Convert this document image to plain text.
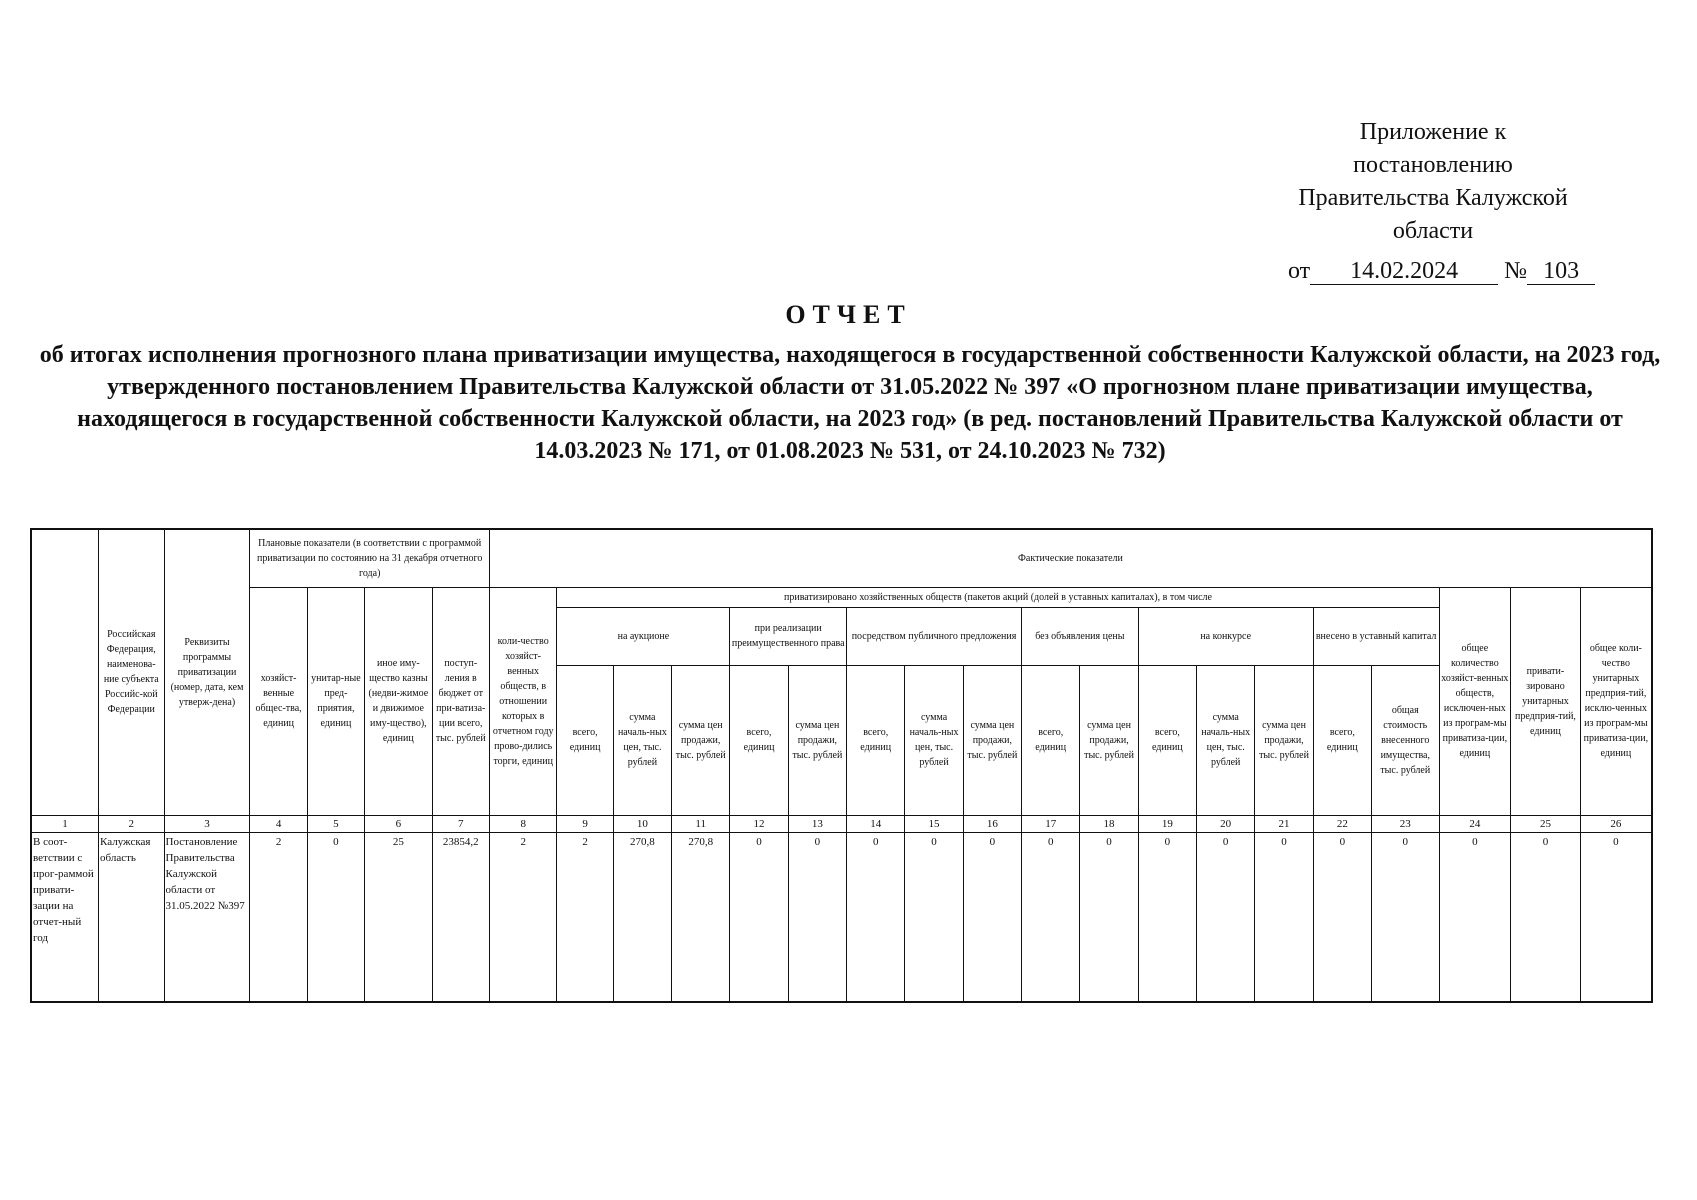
Приложение к
постановлению
Правительства Калужской
области
от 14.02.2024 № 103
ОТЧЕТ
об итогах исполнения прогнозного плана приватизации имущества, находящегося в государственной собственности Калужской области, на 2023 год, утвержденного постановлением Правительства Калужской области от 31.05.2022 № 397 «О прогнозном плане приватизации имущества, находящегося в государственной собственности Калужской области, на 2023 год» (в ред. постановлений Правительства Калужской области от 14.03.2023 № 171, от 01.08.2023 № 531, от 24.10.2023 № 732)
	Российская Федерация, наименова-ние субъекта Российс-кой Федерации	Реквизиты программы приватизации (номер, дата, кем утверж-дена)	Плановые показатели (в соответствии с программой приватизации по состоянию на 31 декабря отчетного года)				Фактические показатели																		
			хозяйст-венные общес-тва, единиц	унитар-ные пред-приятия, единиц	иное иму-щество казны (недви-жимое и движимое иму-щество), единиц	поступ-ления в бюджет от при-ватиза-ции всего, тыс. рублей	коли-чество хозяйст-венных обществ, в отношении которых в отчетном году прово-дились торги, единиц	приватизировано хозяйственных обществ (пакетов акций (долей в уставных капиталах), в том числе															общее количество хозяйст-венных обществ, исключен-ных из програм-мы приватиза-ции, единиц	привати-зировано унитарных предприя-тий, единиц	общее коли-чество унитарных предприя-тий, исклю-ченных из програм-мы приватиза-ции, единиц
								на аукционе			при реализации преимущественного права		посредством публичного предложения			без объявления цены		на конкурсе			внесено в уставный капитал				
								всего, единиц	сумма началь-ных цен, тыс. рублей	сумма цен продажи, тыс. рублей	всего, единиц	сумма цен продажи, тыс. рублей	всего, единиц	сумма началь-ных цен, тыс. рублей	сумма цен продажи, тыс. рублей	всего, единиц	сумма цен продажи, тыс. рублей	всего, единиц	сумма началь-ных цен, тыс. рублей	сумма цен продажи, тыс. рублей	всего, единиц	общая стоимость внесенного имущества, тыс. рублей			
1	2	3	4	5	6	7	8	9	10	11	12	13	14	15	16	17	18	19	20	21	22	23	24	25	26
В соот-ветствии с прог-раммой привати-зации на отчет-ный год	Калужская область	Постановление Правительства Калужской области от 31.05.2022 №397	2	0	25	23854,2	2	2	270,8	270,8	0	0	0	0	0	0	0	0	0	0	0	0	0	0	0
